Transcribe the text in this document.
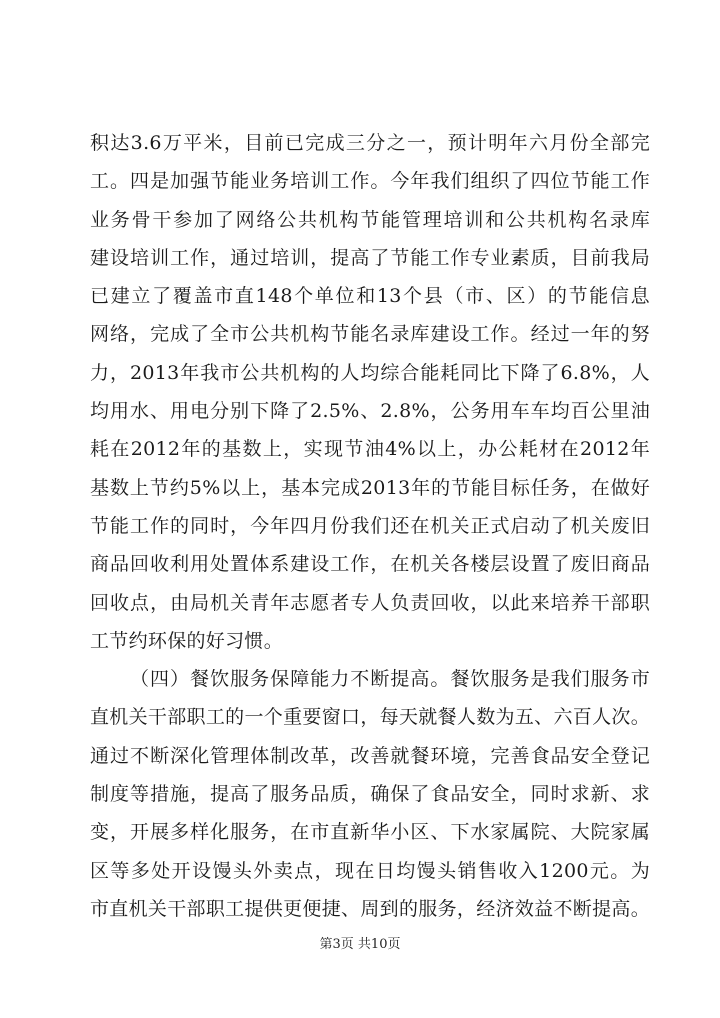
积达3.6万平米，目前已完成三分之一，预计明年六月份全部完
工。四是加强节能业务培训工作。今年我们组织了四位节能工作
业务骨干参加了网络公共机构节能管理培训和公共机构名录库
建设培训工作，通过培训，提高了节能工作专业素质，目前我局
已建立了覆盖市直148个单位和13个县（市、区）的节能信息
网络，完成了全市公共机构节能名录库建设工作。经过一年的努
力，2013年我市公共机构的人均综合能耗同比下降了6.8%，人
均用水、用电分别下降了2.5%、2.8%，公务用车车均百公里油
耗在2012年的基数上，实现节油4%以上，办公耗材在2012年
基数上节约5%以上，基本完成2013年的节能目标任务，在做好
节能工作的同时，今年四月份我们还在机关正式启动了机关废旧
商品回收利用处置体系建设工作，在机关各楼层设置了废旧商品
回收点，由局机关青年志愿者专人负责回收，以此来培养干部职
工节约环保的好习惯。
（四）餐饮服务保障能力不断提高。餐饮服务是我们服务市
直机关干部职工的一个重要窗口，每天就餐人数为五、六百人次。
通过不断深化管理体制改革，改善就餐环境，完善食品安全登记
制度等措施，提高了服务品质，确保了食品安全，同时求新、求
变，开展多样化服务，在市直新华小区、下水家属院、大院家属
区等多处开设馒头外卖点，现在日均馒头销售收入1200元。为
市直机关干部职工提供更便捷、周到的服务，经济效益不断提高。
第3页 共10页
